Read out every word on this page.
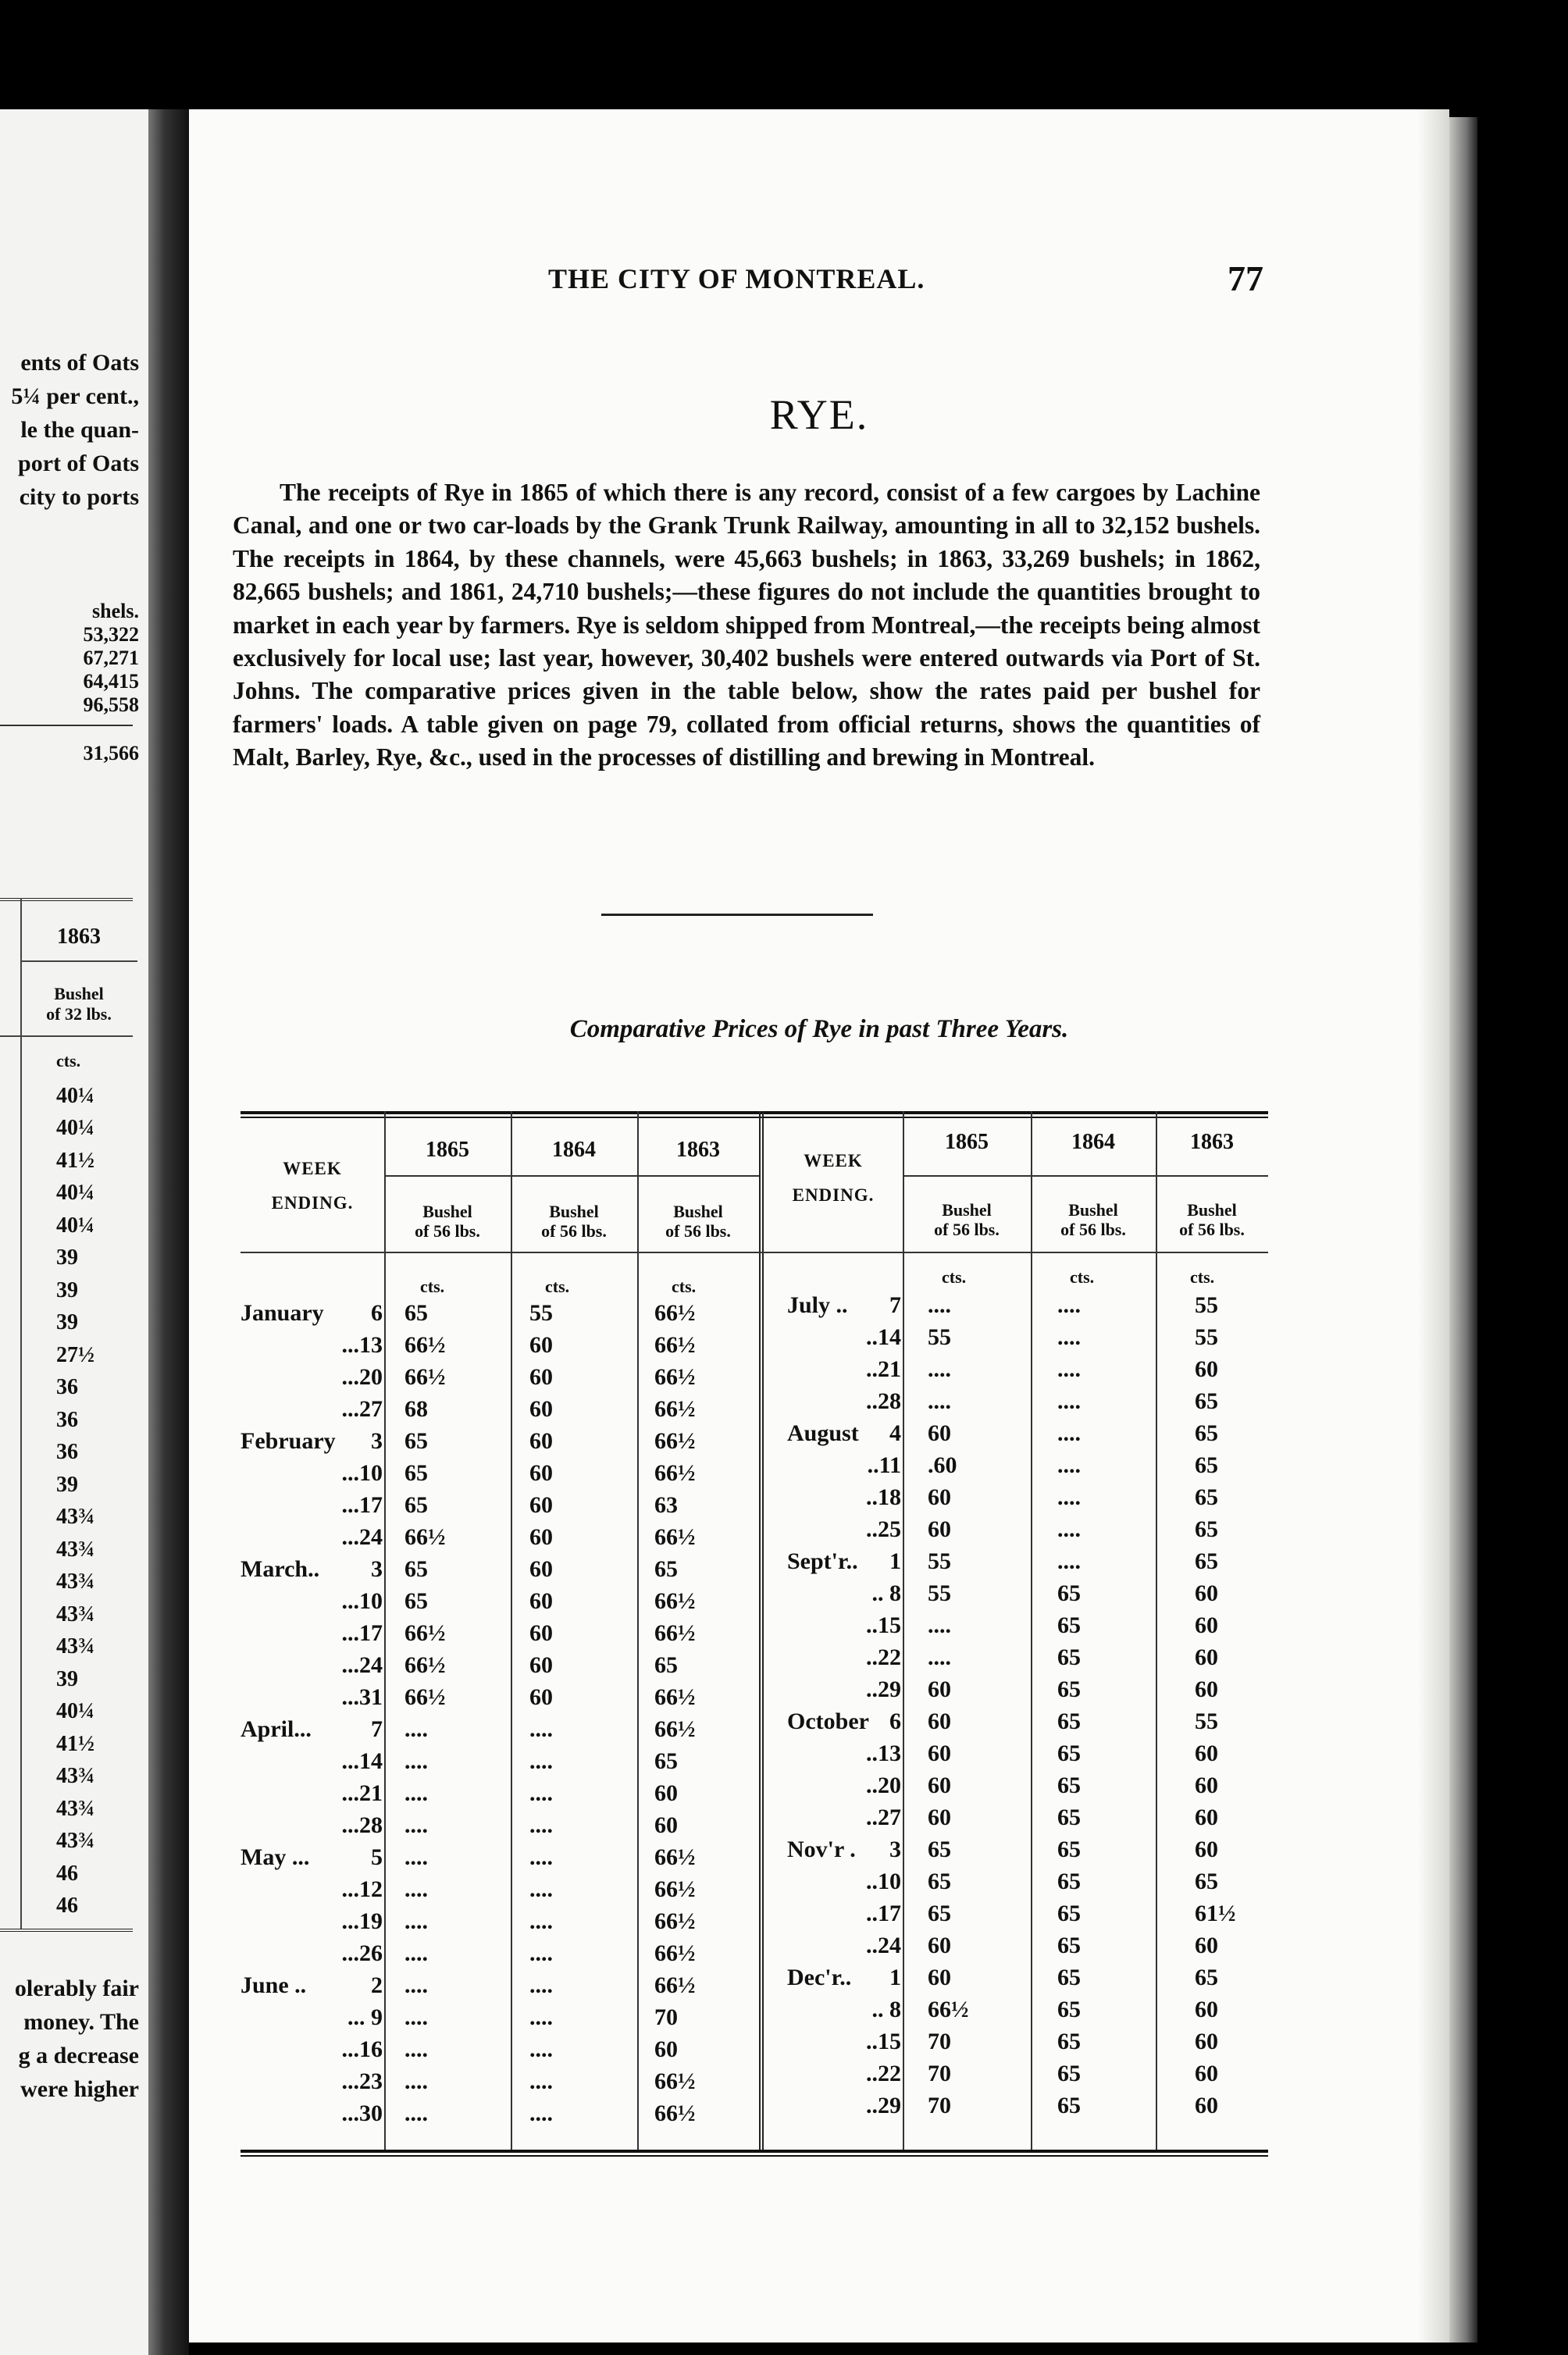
ents of Oats
5¼ per cent.,
le the quan-
port of Oats
city to ports
shels.
53,322
67,271
64,415
96,558
31,566
1863
Bushel
of 32 lbs.
cts.
40¼
40¼
41½
40¼
40¼
39
39
39
27½
36
36
36
39
43¾
43¾
43¾
43¾
43¾
39
40¼
41½
43¾
43¾
43¾
46
46
olerably fair
money. The
g a decrease
were higher
THE CITY OF MONTREAL.	77
RYE.

The receipts of Rye in 1865 of which there is any record, consist of a few cargoes by Lachine Canal, and one or two car-loads by the Grank Trunk Railway, amounting in all to 32,152 bushels. The receipts in 1864, by these channels, were 45,663 bushels; in 1863, 33,269 bushels; in 1862, 82,665 bushels; and 1861, 24,710 bushels;—these figures do not include the quantities brought to market in each year by farmers. Rye is seldom shipped from Montreal,—the receipts being almost exclusively for local use; last year, however, 30,402 bushels were entered outwards via Port of St. Johns. The comparative prices given in the table below, show the rates paid per bushel for farmers' loads. A table given on page 79, collated from official returns, shows the quantities of Malt, Barley, Rye, &c., used in the processes of distilling and brewing in Montreal.

Comparative Prices of Rye in past Three Years.
WEEK
ENDING.
1865	1864	1863
Bushel
of 56 lbs.
Bushel
of 56 lbs.
Bushel
of 56 lbs.
WEEK
ENDING.
1865	1864	1863
Bushel
of 56 lbs.
Bushel
of 56 lbs.
Bushel
of 56 lbs.
cts.	cts.	cts.	cts.	cts.	cts.
January	6 65	55	66½
...13 66½	60	66½
...20 66½	60	66½
...27 68	60	66½
February	3 65	60	66½
...10 65	60	66½
...17 65	60	63
...24 66½	60	66½
March..	3 65	60	65
...10 65	60	66½
...17 66½	60	66½
...24 66½	60	65
...31 66½	60	66½
April...	7 ....	....	66½
...14 ....	....	65
...21 ....	....	60
...28 ....	....	60
May ...	5 ....	....	66½
...12 ....	....	66½
...19 ....	....	66½
...26 ....	....	66½
June ..	2 ....	....	66½
... 9 ....	....	70
...16 ....	....	60
...23 ....	....	66½
...30 ....	....	66½
July ..	7 ....	....	55
..14 55	....	55
..21 ....	....	60
..28 ....	....	65
August	4 60	....	65
..11 .60	....	65
..18 60	....	65
..25 60	....	65
Sept'r..	1 55	....	65
.. 8 55	65	60
..15 ....	65	60
..22 ....	65	60
..29 60	65	60
October 6 60	65	55
..13 60	65	60
..20 60	65	60
..27 60	65	60
Nov'r .	3 65	65	60
..10 65	65	65
..17 65	65	61½
..24 60	65	60
Dec'r..	1 60	65	65
.. 8 66½	65	60
..15 70	65	60
..22 70	65	60
..29 70	65	60
